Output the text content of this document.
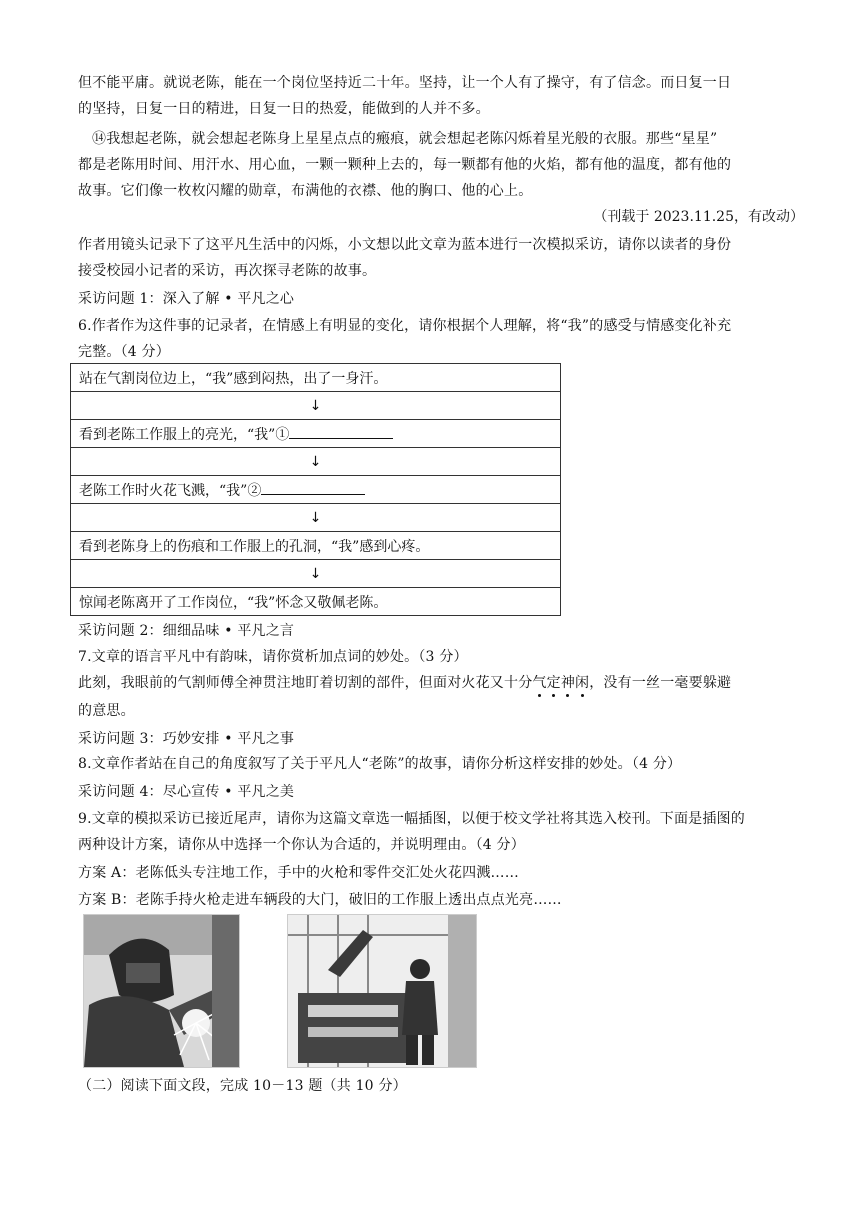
但不能平庸。就说老陈，能在一个岗位坚持近二十年。坚持，让一个人有了操守，有了信念。而日复一日
的坚持，日复一日的精进，日复一日的热爱，能做到的人并不多。
⑭我想起老陈，就会想起老陈身上星星点点的瘢痕，就会想起老陈闪烁着星光般的衣服。那些“星星”
都是老陈用时间、用汗水、用心血，一颗一颗种上去的，每一颗都有他的火焰，都有他的温度，都有他的
故事。它们像一枚枚闪耀的勋章，布满他的衣襟、他的胸口、他的心上。
（刊载于 2023.11.25，有改动）
作者用镜头记录下了这平凡生活中的闪烁，小文想以此文章为蓝本进行一次模拟采访，请你以读者的身份
接受校园小记者的采访，再次探寻老陈的故事。
采访问题 1：深入了解 • 平凡之心
6.作者作为这件事的记录者，在情感上有明显的变化，请你根据个人理解，将“我”的感受与情感变化补充
完整。（4 分）
站在气割岗位边上，“我”感到闷热，出了一身汗。
↓
看到老陈工作服上的亮光，“我”①
↓
老陈工作时火花飞溅，“我”②
↓
看到老陈身上的伤痕和工作服上的孔洞，“我”感到心疼。
↓
惊闻老陈离开了工作岗位，“我”怀念又敬佩老陈。
采访问题 2：细细品味 • 平凡之言
7.文章的语言平凡中有韵味，请你赏析加点词的妙处。（3 分）
此刻，我眼前的气割师傅全神贯注地盯着切割的部件，但面对火花又十分气定神闲，没有一丝一毫要躲避
的意思。
采访问题 3：巧妙安排 • 平凡之事
8.文章作者站在自己的角度叙写了关于平凡人“老陈”的故事，请你分析这样安排的妙处。（4 分）
采访问题 4：尽心宣传 • 平凡之美
9.文章的模拟采访已接近尾声，请你为这篇文章选一幅插图，以便于校文学社将其选入校刊。下面是插图的
两种设计方案，请你从中选择一个你认为合适的，并说明理由。（4 分）
方案 A：老陈低头专注地工作，手中的火枪和零件交汇处火花四溅……
方案 B：老陈手持火枪走进车辆段的大门，破旧的工作服上透出点点光亮……
（二）阅读下面文段，完成 10－13 题（共 10 分）
